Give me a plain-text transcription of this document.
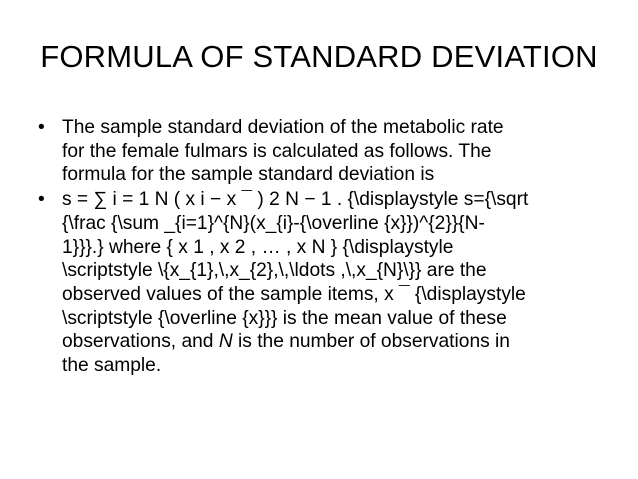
FORMULA OF STANDARD DEVIATION
• The sample standard deviation of the metabolic rate
for the female fulmars is calculated as follows. The
formula for the sample standard deviation is
• s = ∑ i = 1 N ( x i − x ¯ ) 2 N − 1 . {\displaystyle s={\sqrt
{\frac {\sum _{i=1}^{N}(x_{i}-{\overline {x}})^{2}}{N-
1}}}.} where { x 1 , x 2 , … , x N } {\displaystyle
\scriptstyle \{x_{1},\,x_{2},\,\ldots ,\,x_{N}\}} are the
observed values of the sample items, x ¯ {\displaystyle
\scriptstyle {\overline {x}}} is the mean value of these
observations, and N is the number of observations in
the sample.
